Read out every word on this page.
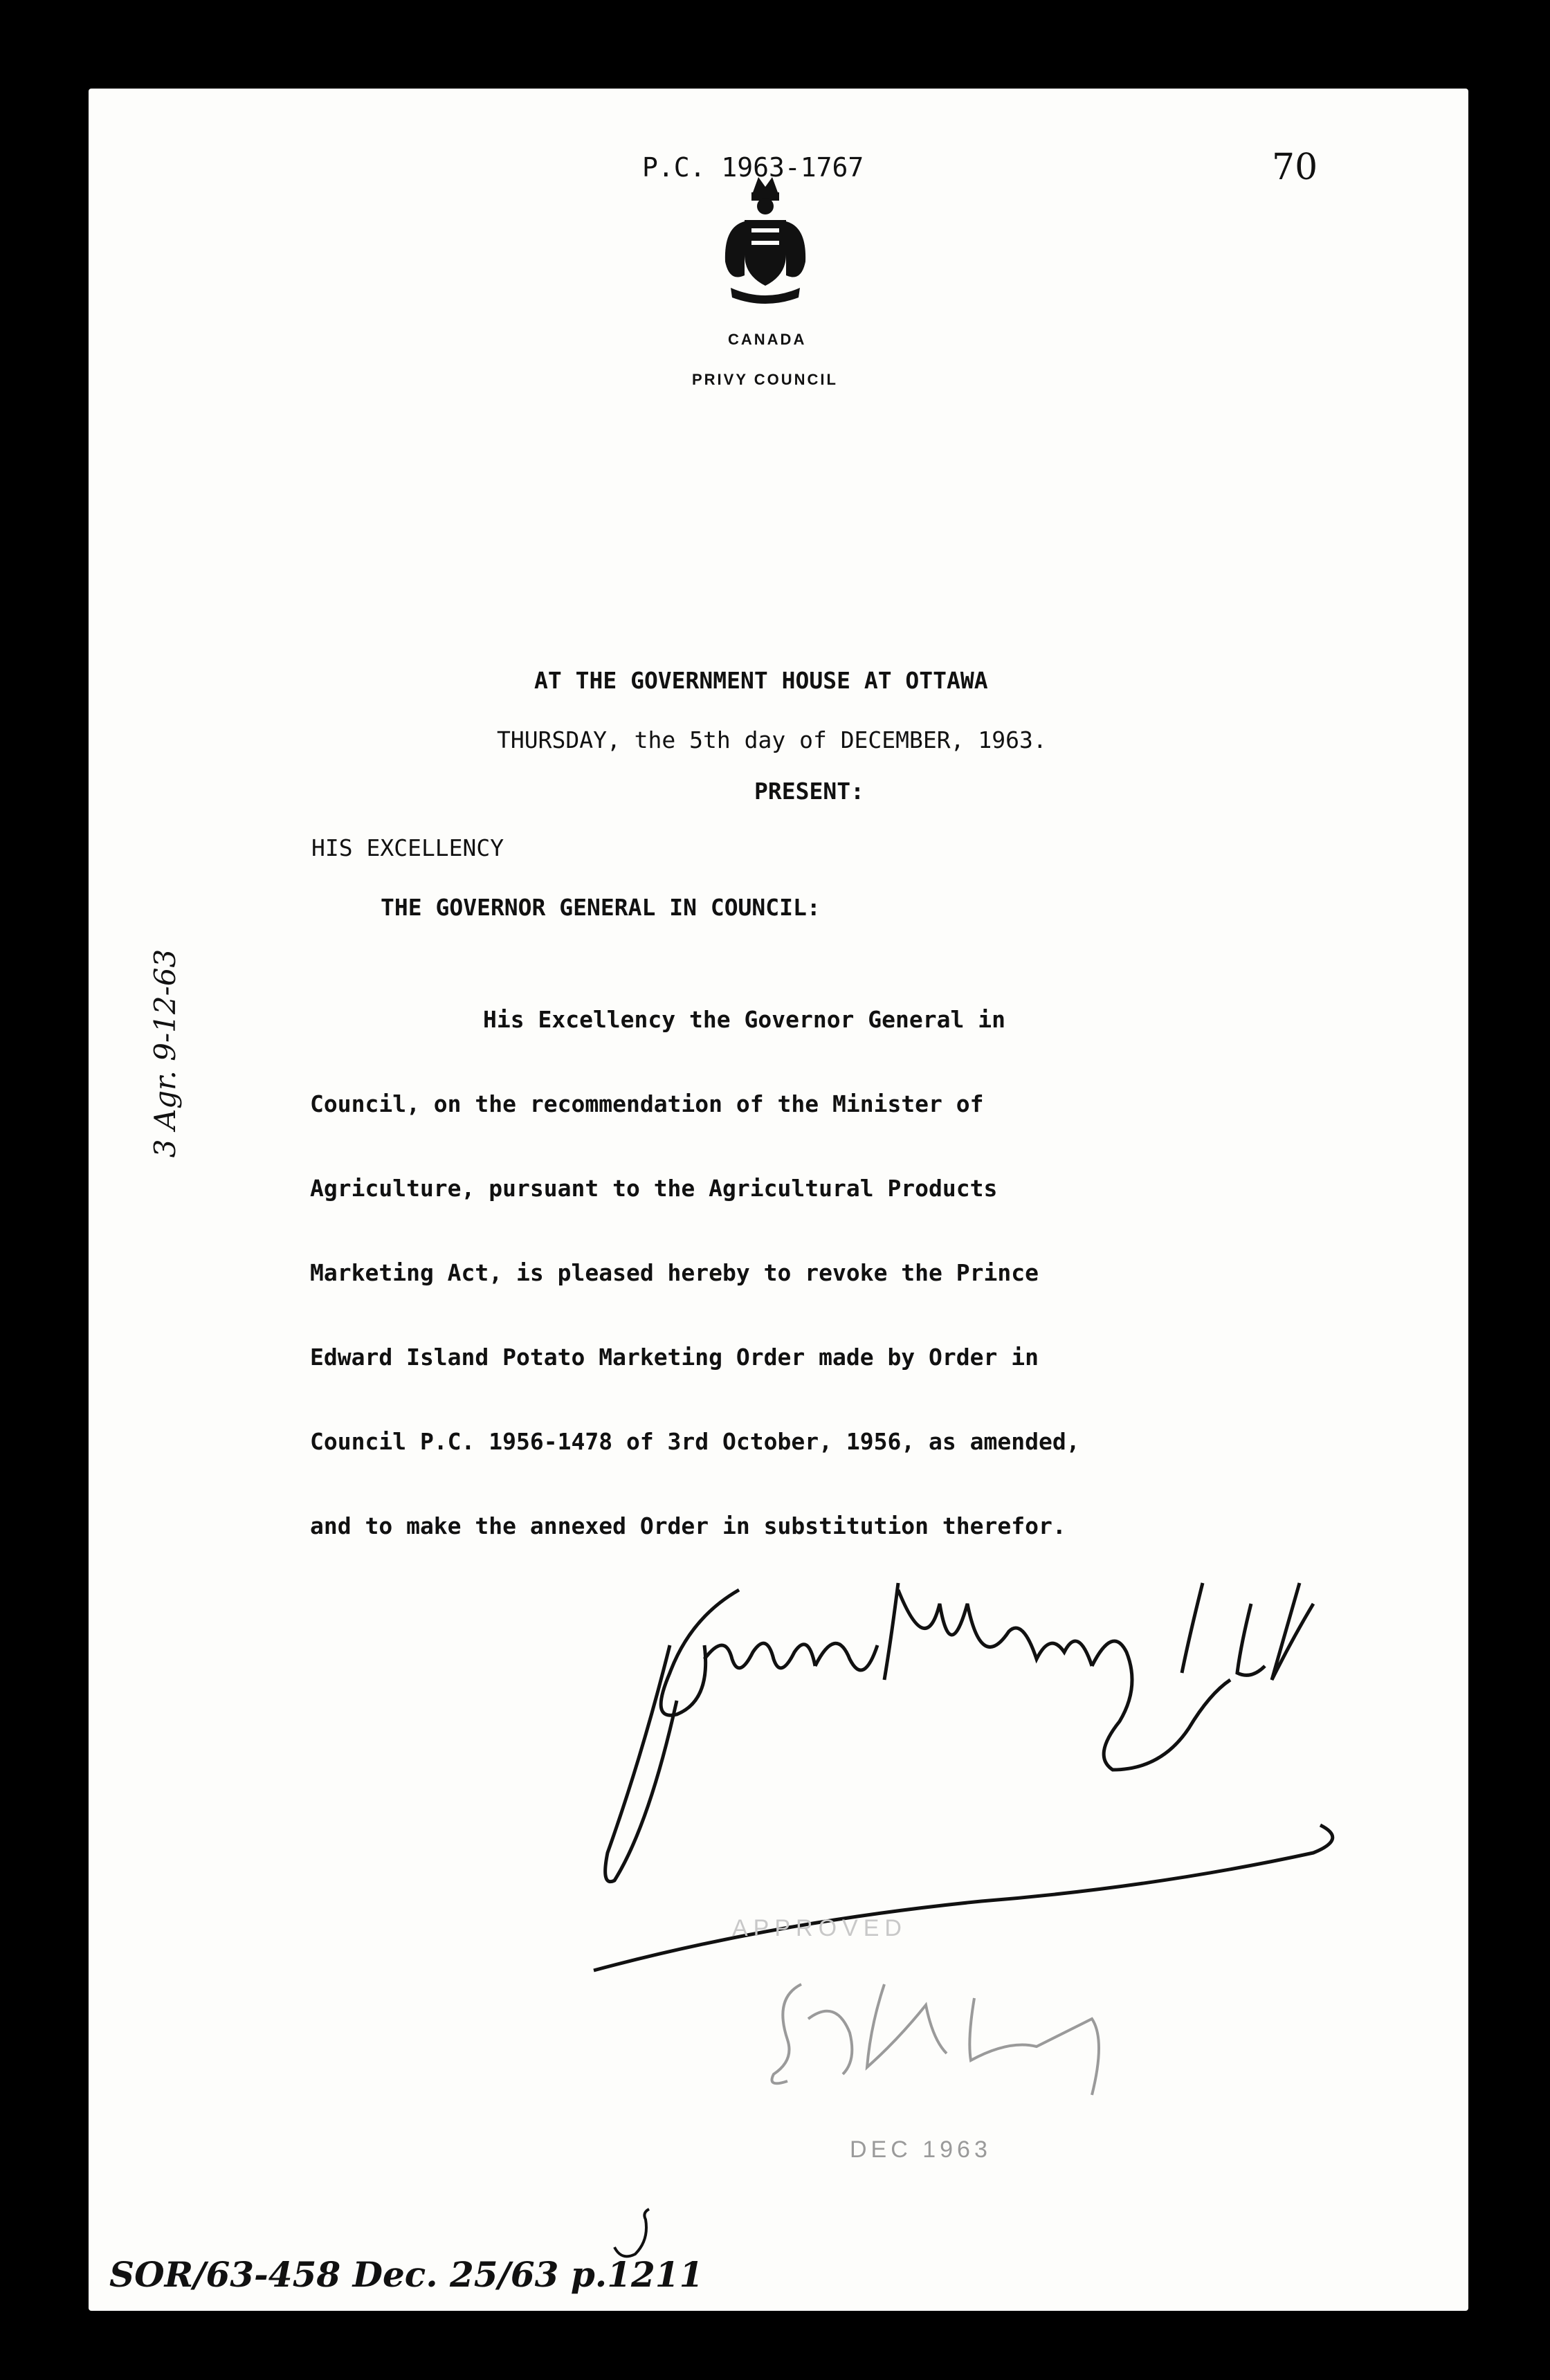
P.C. 1963-1767	70
CANADA
PRIVY COUNCIL
AT THE GOVERNMENT HOUSE AT OTTAWA
THURSDAY, the 5th day of DECEMBER, 1963.
PRESENT:
HIS EXCELLENCY
THE GOVERNOR GENERAL IN COUNCIL:
His Excellency the Governor General in
Council, on the recommendation of the Minister of
Agriculture, pursuant to the Agricultural Products
Marketing Act, is pleased hereby to revoke the Prince
Edward Island Potato Marketing Order made by Order in
Council P.C. 1956-1478 of 3rd October, 1956, as amended,
and to make the annexed Order in substitution therefor.
3 Agr. 9-12-63
APPROVED
DEC 1963
SOR/63-458 Dec. 25/63 p.1211
